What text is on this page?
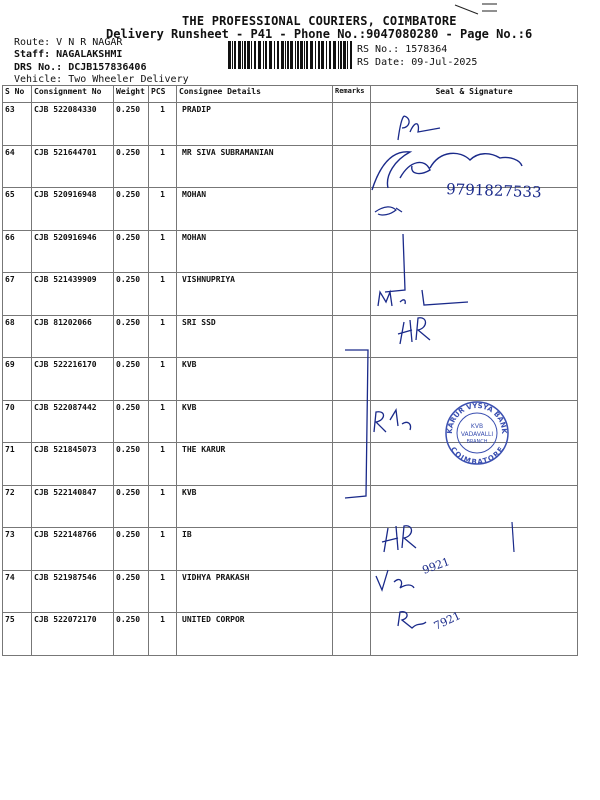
THE PROFESSIONAL COURIERS, COIMBATORE
Delivery Runsheet - P41 - Phone No.:9047080280 - Page No.:6
Route: V N R NAGAR
Staff: NAGALAKSHMI
DRS No.: DCJB157836406
Vehicle: Two Wheeler Delivery
RS No.: 1578364
RS Date: 09-Jul-2025
S No	Consignment No	Weight	PCS	Consignee Details	Remarks	Seal & Signature
63	CJB 522084330	0.250	1	PRADIP		
64	CJB 521644701	0.250	1	MR SIVA SUBRAMANIAN		
65	CJB 520916948	0.250	1	MOHAN		
66	CJB 520916946	0.250	1	MOHAN		
67	CJB 521439909	0.250	1	VISHNUPRIYA		
68	CJB 81202066	0.250	1	SRI SSD		
69	CJB 522216170	0.250	1	KVB		
70	CJB 522087442	0.250	1	KVB		
71	CJB 521845073	0.250	1	THE KARUR		
72	CJB 522140847	0.250	1	KVB		
73	CJB 522148766	0.250	1	IB		
74	CJB 521987546	0.250	1	VIDHYA PRAKASH		
75	CJB 522072170	0.250	1	UNITED CORPOR		
9791827533
KARUR VYSYA BANK
COIMBATORE
KVB
VADAVALLI
BRANCH
9921
7921
